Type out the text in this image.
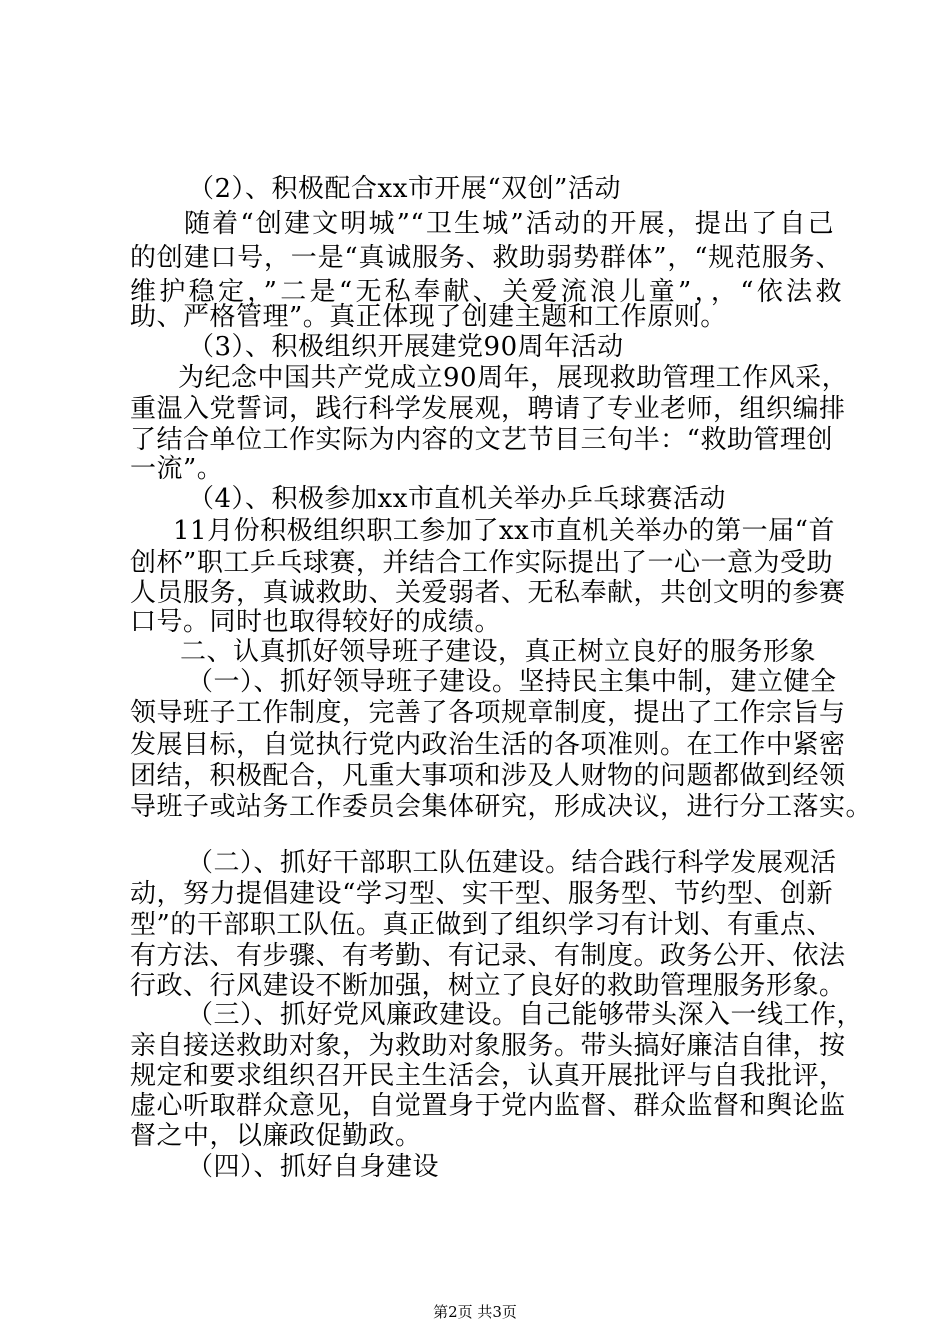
（2）、积极配合xx市开展“双创”活动
随着“创建文明城”“卫生城”活动的开展，提出了自己
的创建口号，一是“真诚服务、救助弱势群体”，“规范服务、
维护稳定，”二是“无私奉献、关爱流浪儿童”，，“依法救
助、严格管理”。真正体现了创建主题和工作原则。
（3）、积极组织开展建党90周年活动
为纪念中国共产党成立90周年，展现救助管理工作风采，
重温入党誓词，践行科学发展观，聘请了专业老师，组织编排
了结合单位工作实际为内容的文艺节目三句半：“救助管理创
一流”。
（4）、积极参加xx市直机关举办乒乓球赛活动
11月份积极组织职工参加了xx市直机关举办的第一届“首
创杯”职工乒乓球赛，并结合工作实际提出了一心一意为受助
人员服务，真诚救助、关爱弱者、无私奉献，共创文明的参赛
口号。同时也取得较好的成绩。
二、认真抓好领导班子建设，真正树立良好的服务形象
（一）、抓好领导班子建设。坚持民主集中制，建立健全
领导班子工作制度，完善了各项规章制度，提出了工作宗旨与
发展目标，自觉执行党内政治生活的各项准则。在工作中紧密
团结，积极配合，凡重大事项和涉及人财物的问题都做到经领
导班子或站务工作委员会集体研究，形成决议，进行分工落实。
（二）、抓好干部职工队伍建设。结合践行科学发展观活
动，努力提倡建设“学习型、实干型、服务型、节约型、创新
型”的干部职工队伍。真正做到了组织学习有计划、有重点、
有方法、有步骤、有考勤、有记录、有制度。政务公开、依法
行政、行风建设不断加强，树立了良好的救助管理服务形象。
（三）、抓好党风廉政建设。自己能够带头深入一线工作，
亲自接送救助对象，为救助对象服务。带头搞好廉洁自律，按
规定和要求组织召开民主生活会，认真开展批评与自我批评，
虚心听取群众意见，自觉置身于党内监督、群众监督和舆论监
督之中，以廉政促勤政。
（四）、抓好自身建设
第2页 共3页
